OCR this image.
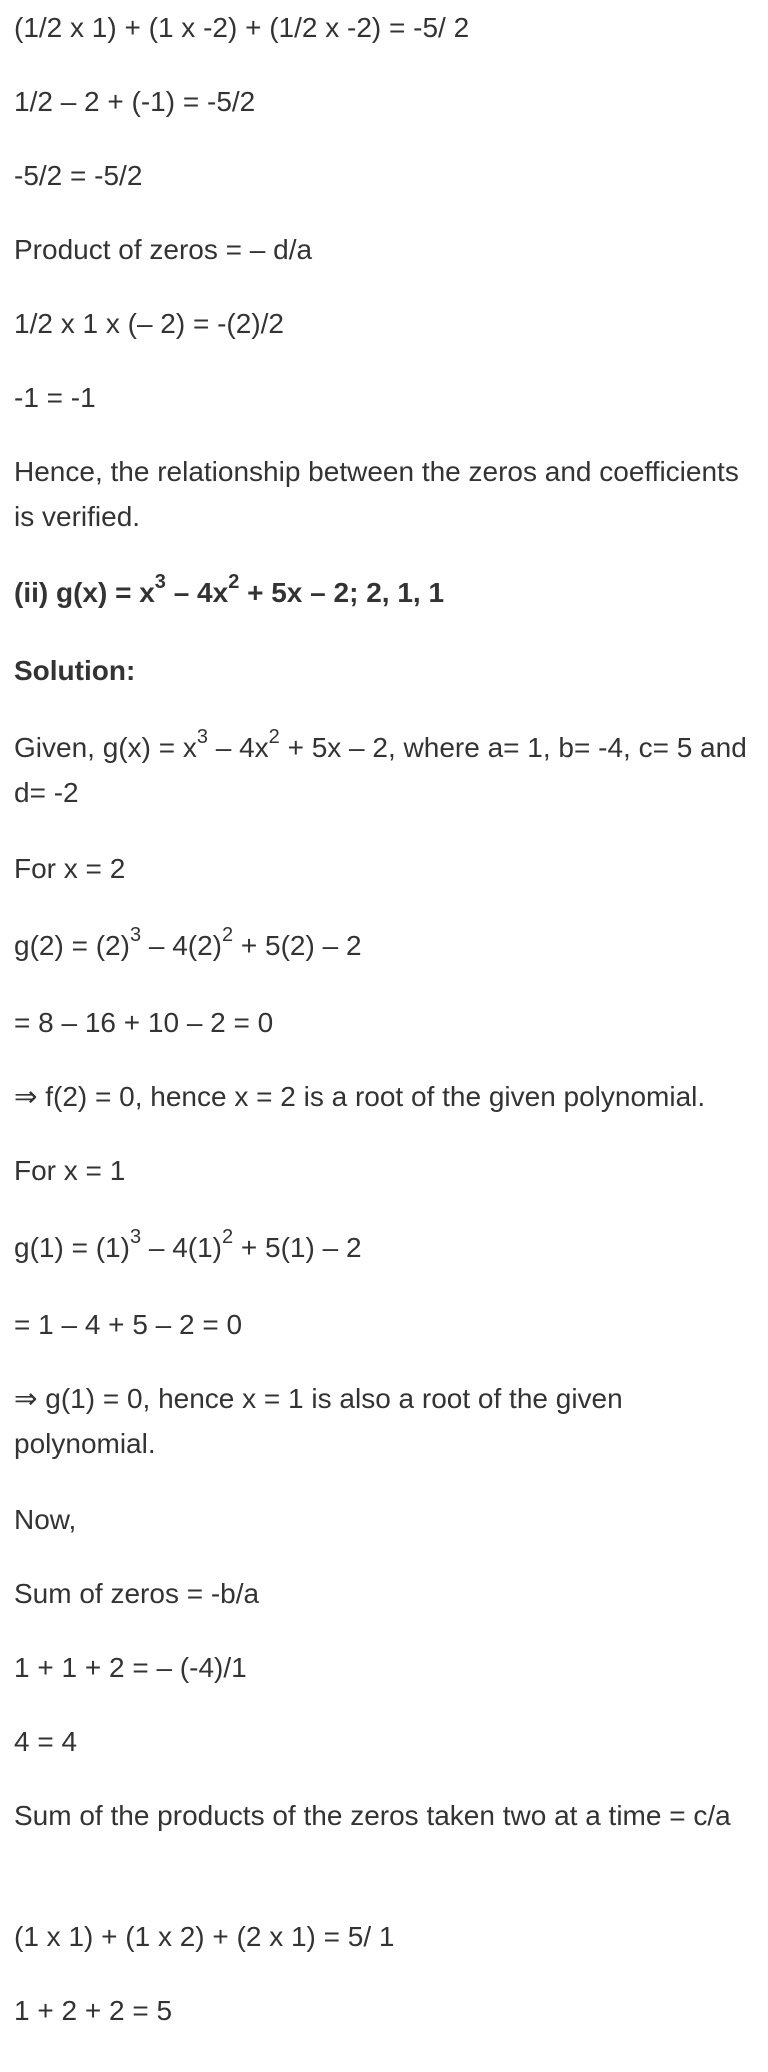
(1/2 x 1) + (1 x -2) + (1/2 x -2) = -5/ 2
1/2 – 2 + (-1) = -5/2
-5/2 = -5/2
Product of zeros = – d/a
1/2 x 1 x (– 2) = -(2)/2
-1 = -1
Hence, the relationship between the zeros and coefficients is verified.
(ii) $g(x) = x^3 - 4x^2 + 5x - 2$; 2, 1, 1
Solution:
Given, $g(x) = x^3 - 4x^2 + 5x - 2$, where a= 1, b= -4, c= 5 and d= -2
For x = 2
$g(2) = (2)^3 - 4(2)^2 + 5(2) - 2$
= 8 – 16 + 10 – 2 = 0
⇒ f(2) = 0, hence x = 2 is a root of the given polynomial.
For x = 1
$g(1) = (1)^3 - 4(1)^2 + 5(1) - 2$
= 1 – 4 + 5 – 2 = 0
⇒ g(1) = 0, hence x = 1 is also a root of the given polynomial.
Now,
Sum of zeros = -b/a
1 + 1 + 2 = – (-4)/1
4 = 4
Sum of the products of the zeros taken two at a time = c/a
(1 x 1) + (1 x 2) + (2 x 1) = 5/ 1
1 + 2 + 2 = 5
